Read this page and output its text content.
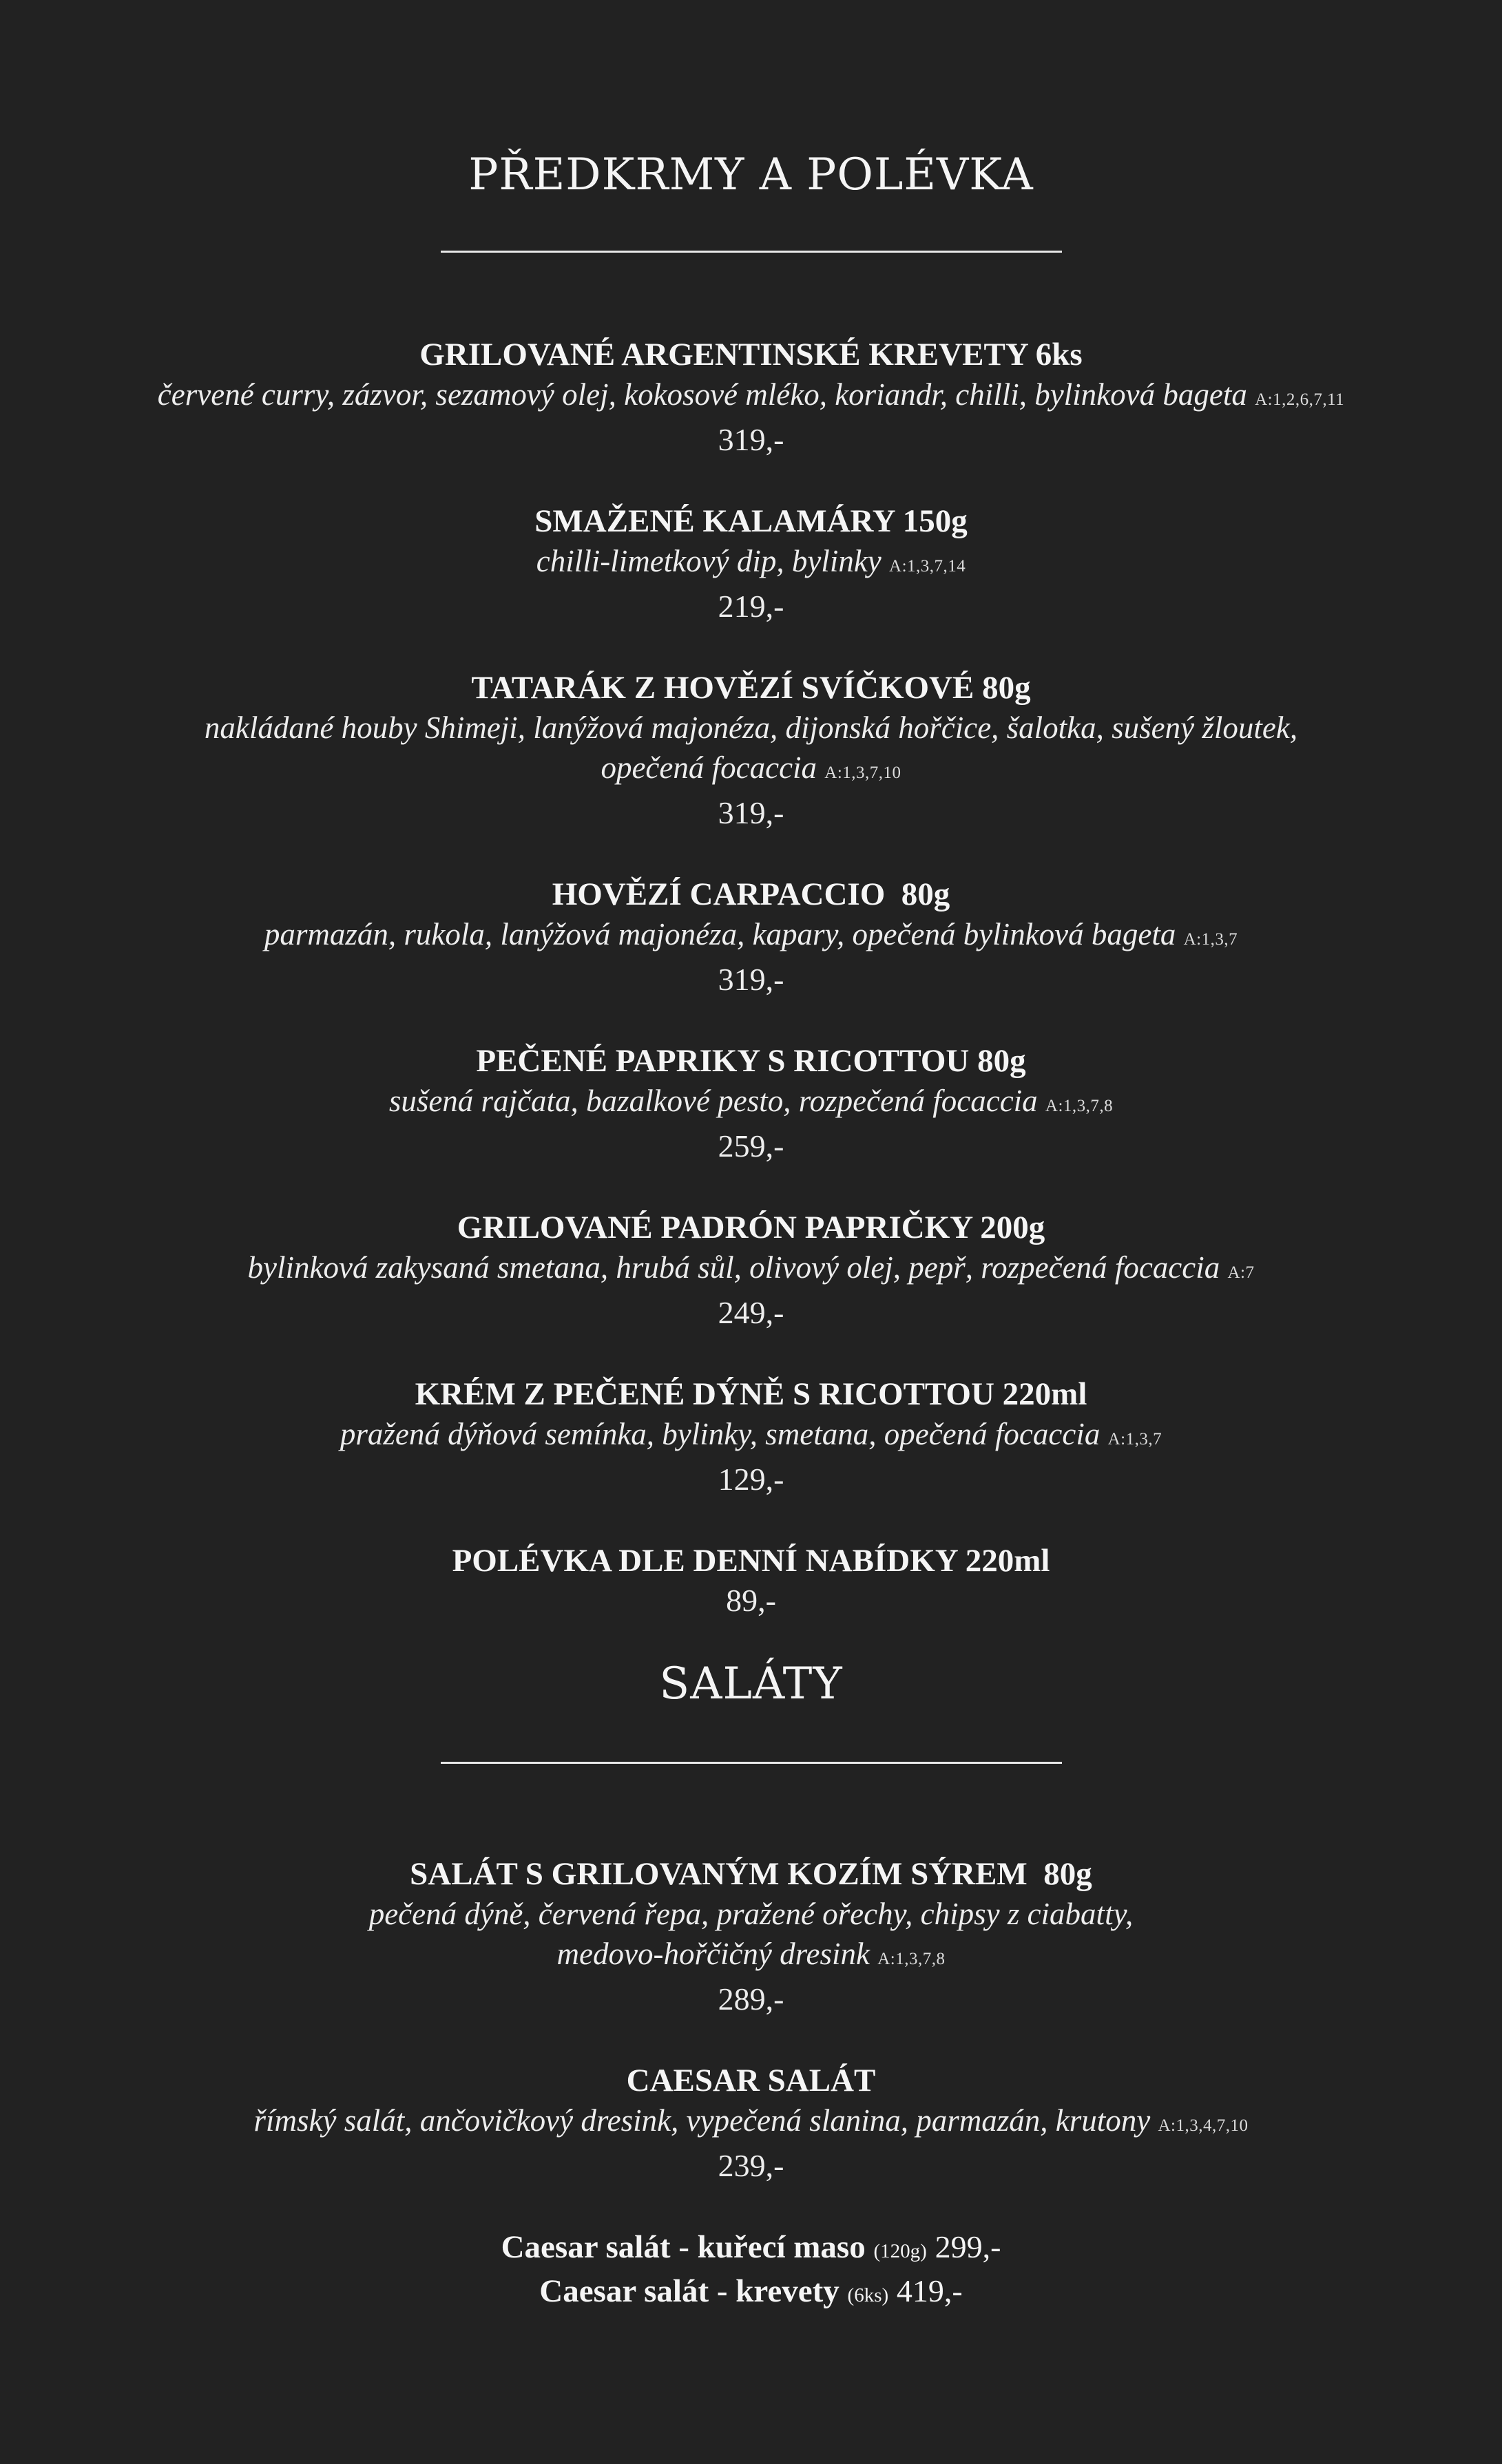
PŘEDKRMY A POLÉVKA
GRILOVANÉ ARGENTINSKÉ KREVETY 6ks
červené curry, zázvor, sezamový olej, kokosové mléko, koriandr, chilli, bylinková bageta A:1,2,6,7,11
319,-
SMAŽENÉ KALAMÁRY 150g
chilli-limetkový dip, bylinky A:1,3,7,14
219,-
TATARÁK Z HOVĚZÍ SVÍČKOVÉ 80g
nakládané houby Shimeji, lanýžová majonéza, dijonská hořčice, šalotka, sušený žloutek,
opečená focaccia A:1,3,7,10
319,-
HOVĚZÍ CARPACCIO  80g
parmazán, rukola, lanýžová majonéza, kapary, opečená bylinková bageta A:1,3,7
319,-
PEČENÉ PAPRIKY S RICOTTOU 80g
sušená rajčata, bazalkové pesto, rozpečená focaccia A:1,3,7,8
259,-
GRILOVANÉ PADRÓN PAPRIČKY 200g
bylinková zakysaná smetana, hrubá sůl, olivový olej, pepř, rozpečená focaccia A:7
249,-
KRÉM Z PEČENÉ DÝNĚ S RICOTTOU 220ml
pražená dýňová semínka, bylinky, smetana, opečená focaccia A:1,3,7
129,-
POLÉVKA DLE DENNÍ NABÍDKY 220ml
89,-
SALÁTY
SALÁT S GRILOVANÝM KOZÍM SÝREM  80g
pečená dýně, červená řepa, pražené ořechy, chipsy z ciabatty,
medovo-hořčičný dresink A:1,3,7,8
289,-
CAESAR SALÁT
římský salát, ančovičkový dresink, vypečená slanina, parmazán, krutony A:1,3,4,7,10
239,-
Caesar salát - kuřecí maso (120g) 299,-
Caesar salát - krevety (6ks) 419,-
